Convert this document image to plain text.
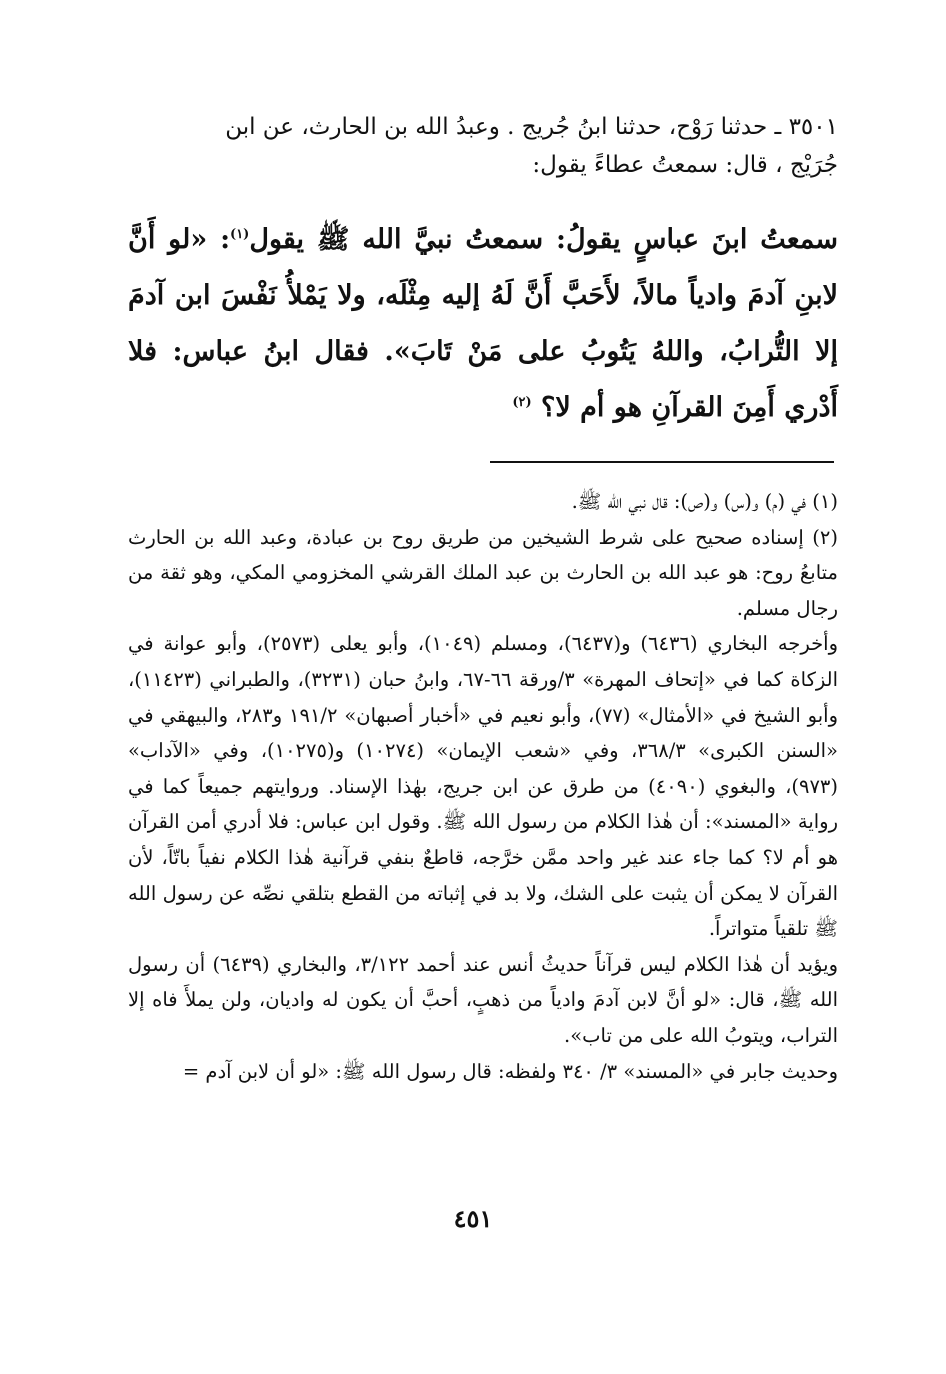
٣٥٠١ ـ حدثنا رَوْح، حدثنا ابنُ جُريج . وعبدُ الله بن الحارث، عن ابن
جُرَيْج ، قال: سمعتُ عطاءً يقول:
سمعتُ ابنَ عباسٍ يقولُ: سمعتُ نبيَّ الله ﷺ يقول$^{(١)}$: «لو أَنَّ لابنِ آدمَ وادياً مالاً، لأَحَبَّ أَنَّ لَهُ إليه مِثْلَه، ولا يَمْلأُ نَفْسَ ابن آدمَ إلا التُّرابُ، واللهُ يَتُوبُ على مَنْ تَابَ». فقال ابنُ عباس: فلا أَدْري أَمِنَ القرآنِ هو أم لا؟ $^{(٢)}$

(١) في (م) و(س) و(ص): قال نبي الله ﷺ.

(٢) إسناده صحيح على شرط الشيخين من طريق روح بن عبادة، وعبد الله بن الحارث متابعُ روح: هو عبد الله بن الحارث بن عبد الملك القرشي المخزومي المكي، وهو ثقة من رجال مسلم.

وأخرجه البخاري (٦٤٣٦) و(٦٤٣٧)، ومسلم (١٠٤٩)، وأبو يعلى (٢٥٧٣)، وأبو عوانة في الزكاة كما في «إتحاف المهرة» ٣/ورقة ٦٦-٦٧، وابنُ حبان (٣٢٣١)، والطبراني (١١٤٢٣)، وأبو الشيخ في «الأمثال» (٧٧)، وأبو نعيم في «أخبار أصبهان» ١٩١/٢ و٢٨٣، والبيهقي في «السنن الكبرى» ٣٦٨/٣، وفي «شعب الإيمان» (١٠٢٧٤) و(١٠٢٧٥)، وفي «الآداب» (٩٧٣)، والبغوي (٤٠٩٠) من طرق عن ابن جريج، بهٰذا الإسناد. وروايتهم جميعاً كما في رواية «المسند»: أن هٰذا الكلام من رسول الله ﷺ. وقول ابن عباس: فلا أدري أمن القرآن هو أم لا؟ كما جاء عند غير واحد ممَّن خرَّجه، قاطعٌ بنفي قرآنية هٰذا الكلام نفياً باتّاً، لأن القرآن لا يمكن أن يثبت على الشك، ولا بد في إثباته من القطع بتلقي نصِّه عن رسول الله ﷺ تلقياً متواتراً.

ويؤيد أن هٰذا الكلام ليس قرآناً حديثُ أنس عند أحمد ٣/١٢٢، والبخاري (٦٤٣٩) أن رسول الله ﷺ، قال: «لو أنَّ لابن آدمَ وادياً من ذهبٍ، أحبَّ أن يكون له واديان، ولن يملأَ فاه إلا التراب، ويتوبُ الله على من تاب».

وحديث جابر في «المسند» ٣/ ٣٤٠ ولفظه: قال رسول الله ﷺ: «لو أن لابن آدم =

٤٥١
